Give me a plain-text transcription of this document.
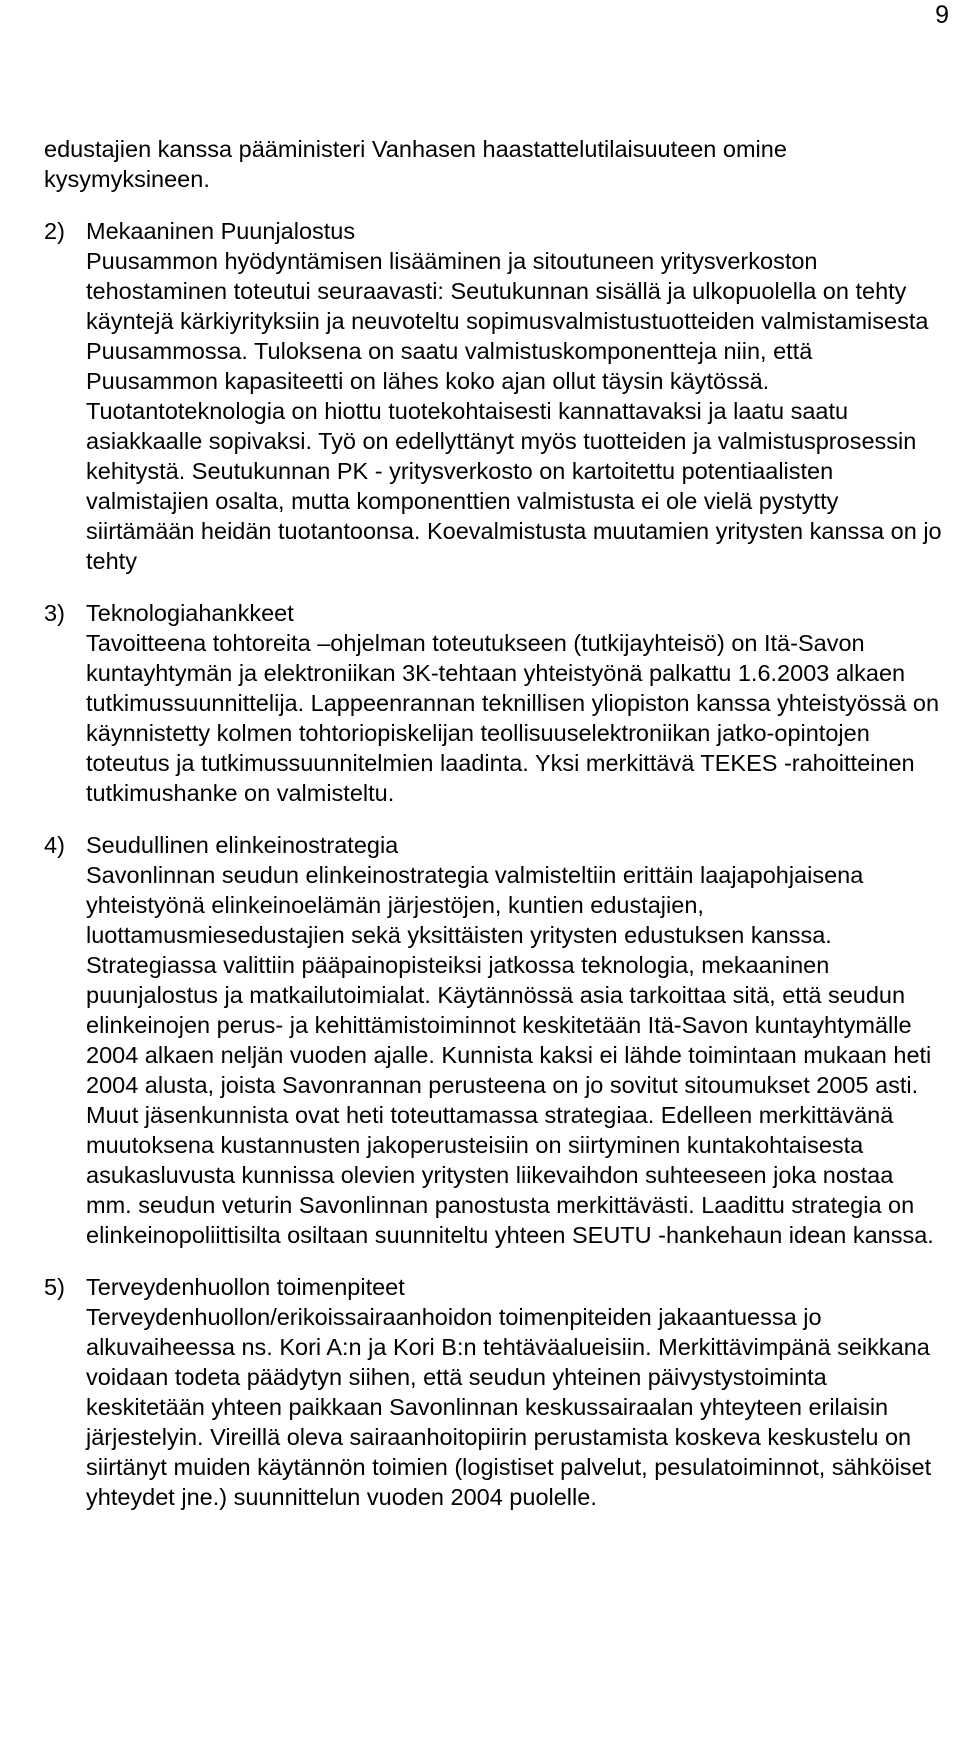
9

edustajien kanssa pääministeri Vanhasen haastattelutilaisuuteen omine kysymyksineen.

2) Mekaaninen Puunjalostus

Puusammon hyödyntämisen lisääminen ja sitoutuneen yritysverkoston tehostaminen toteutui seuraavasti: Seutukunnan sisällä ja ulkopuolella on tehty käyntejä kärkiyrityksiin ja neuvoteltu sopimusvalmistustuotteiden valmistamisesta Puusammossa. Tuloksena on saatu valmistuskomponentteja niin, että Puusammon kapasiteetti on lähes koko ajan ollut täysin käytössä. Tuotantoteknologia on hiottu tuotekohtaisesti kannattavaksi ja laatu saatu asiakkaalle sopivaksi. Työ on edellyttänyt myös tuotteiden ja valmistusprosessin kehitystä. Seutukunnan PK - yritysverkosto on kartoitettu potentiaalisten valmistajien osalta, mutta komponenttien valmistusta ei ole vielä pystytty siirtämään heidän tuotantoonsa. Koevalmistusta muutamien yritysten kanssa on jo tehty

3) Teknologiahankkeet

Tavoitteena tohtoreita –ohjelman toteutukseen (tutkijayhteisö) on Itä-Savon kuntayhtymän ja elektroniikan 3K-tehtaan yhteistyönä palkattu 1.6.2003 alkaen tutkimussuunnittelija. Lappeenrannan teknillisen yliopiston kanssa yhteistyössä on käynnistetty kolmen tohtoriopiskelijan teollisuuselektroniikan jatko-opintojen toteutus ja tutkimussuunnitelmien laadinta. Yksi merkittävä TEKES -rahoitteinen tutkimushanke on valmisteltu.

4) Seudullinen elinkeinostrategia

Savonlinnan seudun elinkeinostrategia valmisteltiin erittäin laajapohjaisena yhteistyönä elinkeinoelämän järjestöjen, kuntien edustajien, luottamusmiesedustajien sekä yksittäisten yritysten edustuksen kanssa. Strategiassa valittiin pääpainopisteiksi jatkossa teknologia, mekaaninen puunjalostus ja matkailutoimialat. Käytännössä asia tarkoittaa sitä, että seudun elinkeinojen perus- ja kehittämistoiminnot keskitetään Itä-Savon kuntayhtymälle 2004 alkaen neljän vuoden ajalle. Kunnista kaksi ei lähde toimintaan mukaan heti 2004 alusta, joista Savonrannan perusteena on jo sovitut sitoumukset 2005 asti. Muut jäsenkunnista ovat heti toteuttamassa strategiaa. Edelleen merkittävänä muutoksena kustannusten jakoperusteisiin on siirtyminen kuntakohtaisesta asukasluvusta kunnissa olevien yritysten liikevaihdon suhteeseen joka nostaa mm. seudun veturin Savonlinnan panostusta merkittävästi. Laadittu strategia on elinkeinopoliittisilta osiltaan suunniteltu yhteen SEUTU -hankehaun idean kanssa.

5) Terveydenhuollon toimenpiteet

Terveydenhuollon/erikoissairaanhoidon toimenpiteiden jakaantuessa jo alkuvaiheessa ns. Kori A:n ja Kori B:n tehtäväalueisiin. Merkittävimpänä seikkana voidaan todeta päädytyn siihen, että seudun yhteinen päivystystoiminta keskitetään yhteen paikkaan Savonlinnan keskussairaalan yhteyteen erilaisin järjestelyin. Vireillä oleva sairaanhoitopiirin perustamista koskeva keskustelu on siirtänyt muiden käytännön toimien (logistiset palvelut, pesulatoiminnot, sähköiset yhteydet jne.) suunnittelun vuoden 2004 puolelle.
